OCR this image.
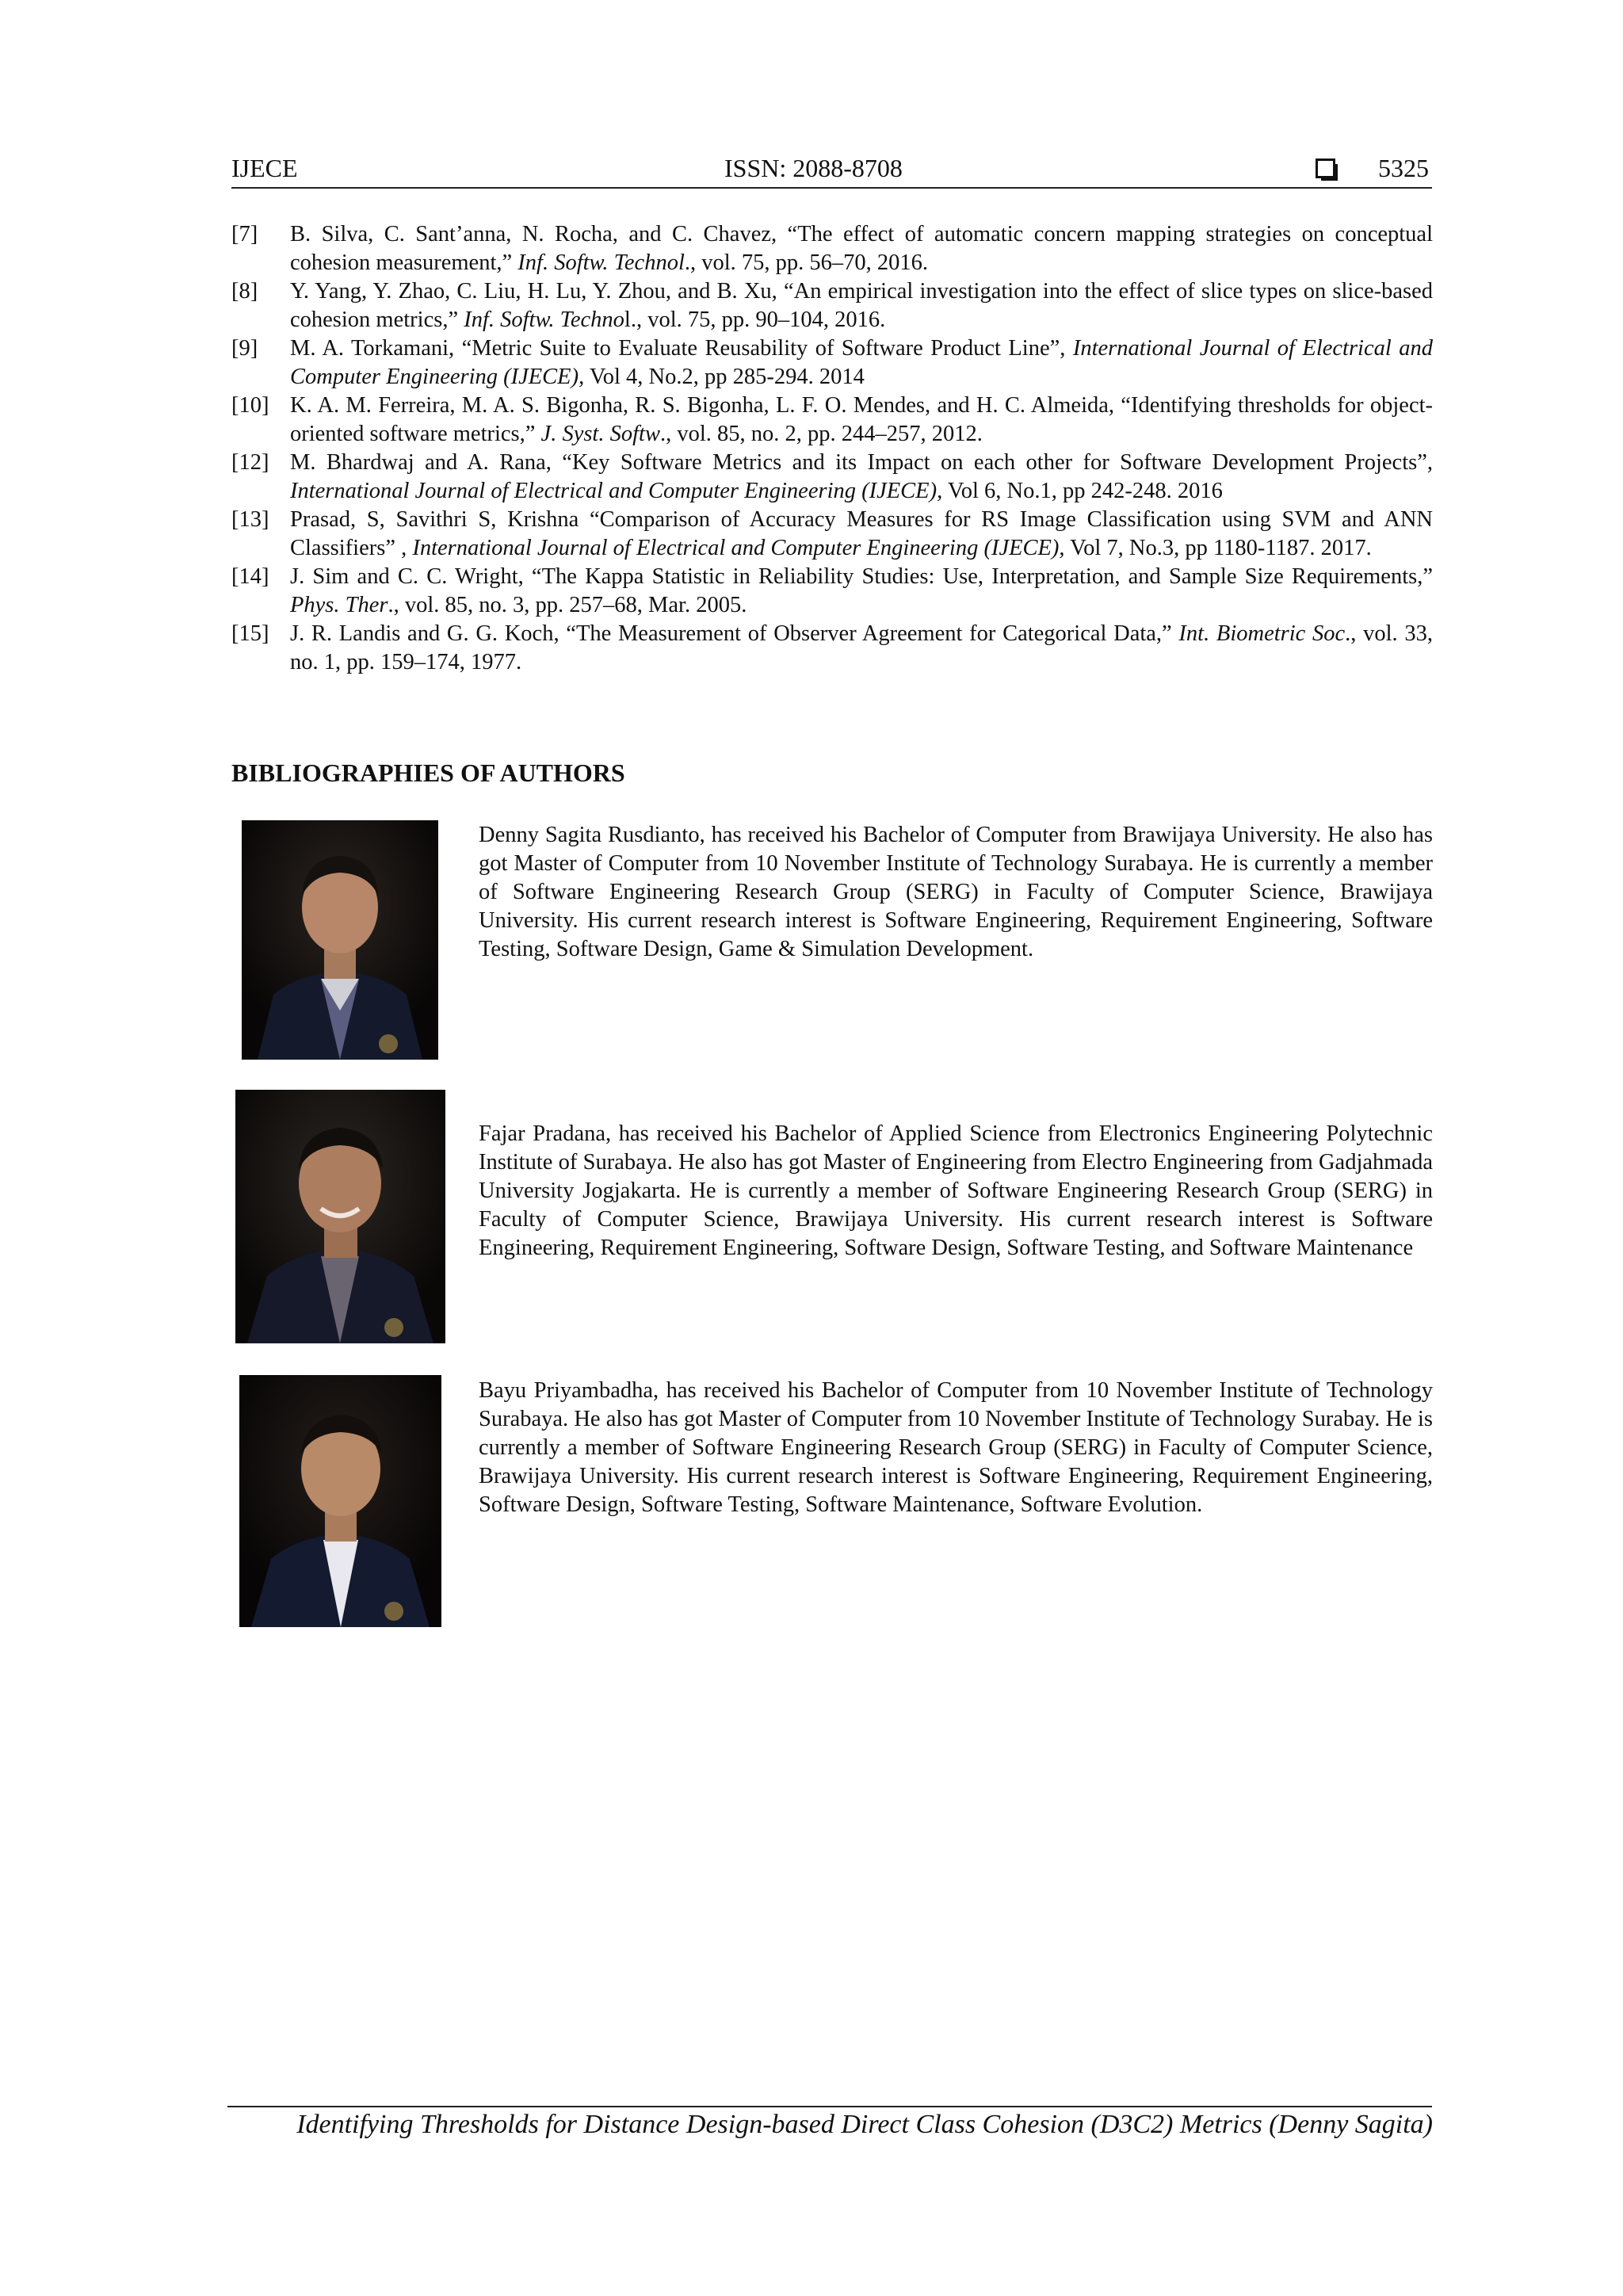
IJECE	ISSN: 2088-8708	5325
[7] B. Silva, C. Sant’anna, N. Rocha, and C. Chavez, “The effect of automatic concern mapping strategies on conceptual cohesion measurement,” Inf. Softw. Technol., vol. 75, pp. 56–70, 2016.
[8] Y. Yang, Y. Zhao, C. Liu, H. Lu, Y. Zhou, and B. Xu, “An empirical investigation into the effect of slice types on slice-based cohesion metrics,” Inf. Softw. Technol., vol. 75, pp. 90–104, 2016.
[9] M. A. Torkamani, “Metric Suite to Evaluate Reusability of Software Product Line”, International Journal of Electrical and Computer Engineering (IJECE), Vol 4, No.2, pp 285-294. 2014
[10] K. A. M. Ferreira, M. A. S. Bigonha, R. S. Bigonha, L. F. O. Mendes, and H. C. Almeida, “Identifying thresholds for object-oriented software metrics,” J. Syst. Softw., vol. 85, no. 2, pp. 244–257, 2012.
[12] M. Bhardwaj and A. Rana, “Key Software Metrics and its Impact on each other for Software Development Projects”, International Journal of Electrical and Computer Engineering (IJECE), Vol 6, No.1, pp 242-248. 2016
[13] Prasad, S, Savithri S, Krishna “Comparison of Accuracy Measures for RS Image Classification using SVM and ANN Classifiers” , International Journal of Electrical and Computer Engineering (IJECE), Vol 7, No.3, pp 1180-1187. 2017.
[14] J. Sim and C. C. Wright, “The Kappa Statistic in Reliability Studies: Use, Interpretation, and Sample Size Requirements,” Phys. Ther., vol. 85, no. 3, pp. 257–68, Mar. 2005.
[15] J. R. Landis and G. G. Koch, “The Measurement of Observer Agreement for Categorical Data,” Int. Biometric Soc., vol. 33, no. 1, pp. 159–174, 1977.
BIBLIOGRAPHIES OF AUTHORS
Denny Sagita Rusdianto, has received his Bachelor of Computer from Brawijaya University. He also has got Master of Computer from 10 November Institute of Technology Surabaya. He is currently a member of Software Engineering Research Group (SERG) in Faculty of Computer Science, Brawijaya University. His current research interest is Software Engineering, Requirement Engineering, Software Testing, Software Design, Game & Simulation Development.
Fajar Pradana, has received his Bachelor of Applied Science from Electronics Engineering Polytechnic Institute of Surabaya. He also has got Master of Engineering from Electro Engineering from Gadjahmada University Jogjakarta. He is currently a member of Software Engineering Research Group (SERG) in Faculty of Computer Science, Brawijaya University. His current research interest is Software Engineering, Requirement Engineering, Software Design, Software Testing, and Software Maintenance
Bayu Priyambadha, has received his Bachelor of Computer from 10 November Institute of Technology Surabaya. He also has got Master of Computer from 10 November Institute of Technology Surabay. He is currently a member of Software Engineering Research Group (SERG) in Faculty of Computer Science, Brawijaya University. His current research interest is Software Engineering, Requirement Engineering, Software Design, Software Testing, Software Maintenance, Software Evolution.
Identifying Thresholds for Distance Design-based Direct Class Cohesion (D3C2) Metrics (Denny Sagita)
